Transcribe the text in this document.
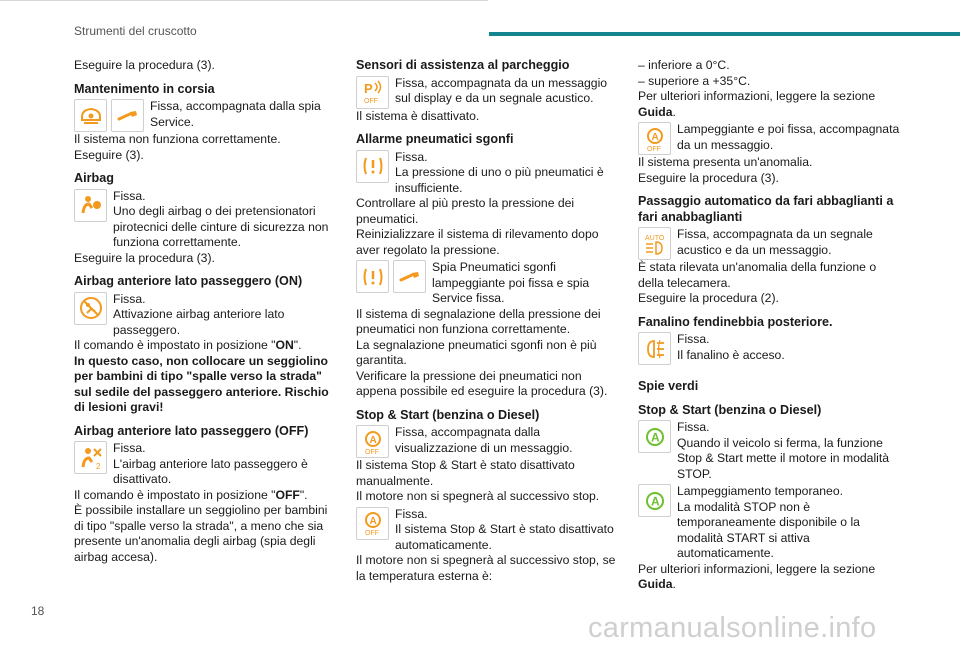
Strumenti del cruscotto

Eseguire la procedura (3).

Mantenimento in corsia
Fissa, accompagnata dalla spia Service.

Il sistema non funziona correttamente.

Eseguire (3).

Airbag
Fissa.
Uno degli airbag o dei pretensionatori pirotecnici delle cinture di sicurezza non funziona correttamente.

Eseguire la procedura (3).

Airbag anteriore lato passeggero (ON)
Fissa.
Attivazione airbag anteriore lato passeggero.

Il comando è impostato in posizione "ON".

In questo caso, non collocare un seggiolino per bambini di tipo "spalle verso la strada" sul sedile del passeggero anteriore. Rischio di lesioni gravi!

Airbag anteriore lato passeggero (OFF)
2
Fissa.
L'airbag anteriore lato passeggero è disattivato.

Il comando è impostato in posizione "OFF".

È possibile installare un seggiolino per bambini di tipo "spalle verso la strada", a meno che sia presente un'anomalia degli airbag (spia degli airbag accesa).

Sensori di assistenza al parcheggio
P
OFF
Fissa, accompagnata da un messaggio sul display e da un segnale acustico.

Il sistema è disattivato.

Allarme pneumatici sgonfi
Fissa.
La pressione di uno o più pneumatici è insufficiente.

Controllare al più presto la pressione dei pneumatici.

Reinizializzare il sistema di rilevamento dopo aver regolato la pressione.

Spia Pneumatici sgonfi lampeggiante poi fissa e spia Service fissa.

Il sistema di segnalazione della pressione dei pneumatici non funziona correttamente.

La segnalazione pneumatici sgonfi non è più garantita.

Verificare la pressione dei pneumatici non appena possibile ed eseguire la procedura (3).

Stop & Start (benzina o Diesel)
A
OFF
Fissa, accompagnata dalla visualizzazione di un messaggio.

Il sistema Stop & Start è stato disattivato manualmente.

Il motore non si spegnerà al successivo stop.

A
OFF
Fissa.
Il sistema Stop & Start è stato disattivato automaticamente.

Il motore non si spegnerà al successivo stop, se la temperatura esterna è:

– inferiore a 0°C.

– superiore a +35°C.

Per ulteriori informazioni, leggere la sezione Guida.

A
OFF
Lampeggiante e poi fissa, accompagnata da un messaggio.

Il sistema presenta un'anomalia.

Eseguire la procedura (3).

Passaggio automatico da fari abbaglianti a fari anabbaglianti
AUTO Fissa, accompagnata da un segnale acustico e da un messaggio.

È stata rilevata un'anomalia della funzione o della telecamera.

Eseguire la procedura (2).

Fanalino fendinebbia posteriore.
Fissa.
Il fanalino è acceso.
Spie verdi
Stop & Start (benzina o Diesel)
A
Fissa.
Quando il veicolo si ferma, la funzione Stop & Start mette il motore in modalità STOP.
A
Lampeggiamento temporaneo.
La modalità STOP non è temporaneamente disponibile o la modalità START si attiva automaticamente.

Per ulteriori informazioni, leggere la sezione Guida.

18
carmanualsonline.info
